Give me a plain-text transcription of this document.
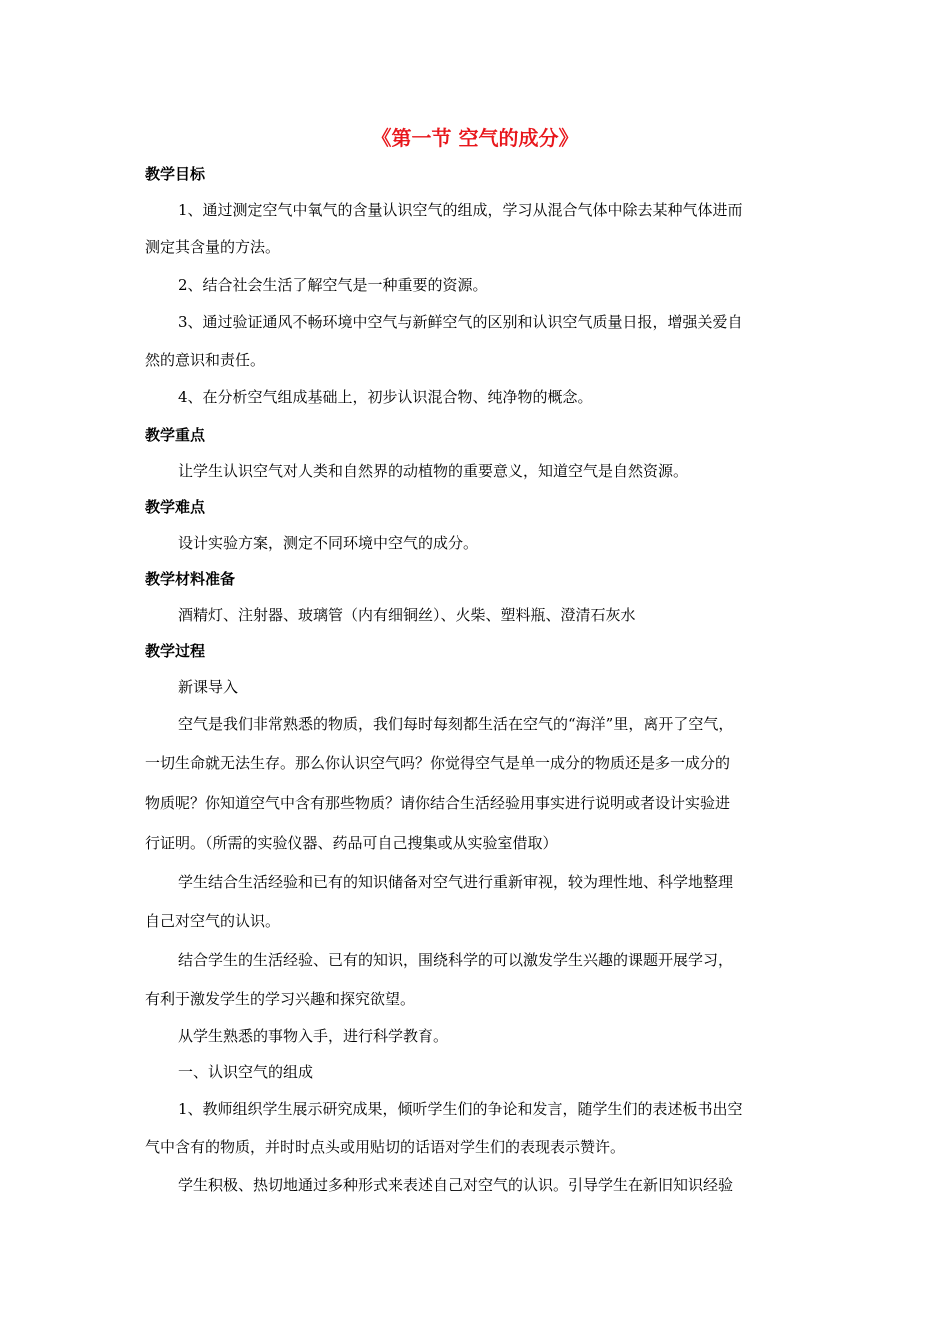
《第一节 空气的成分》
教学目标
1、通过测定空气中氧气的含量认识空气的组成，学习从混合气体中除去某种气体进而
测定其含量的方法。
2、结合社会生活了解空气是一种重要的资源。
3、通过验证通风不畅环境中空气与新鲜空气的区别和认识空气质量日报，增强关爱自
然的意识和责任。
4、在分析空气组成基础上，初步认识混合物、纯净物的概念。
教学重点
让学生认识空气对人类和自然界的动植物的重要意义，知道空气是自然资源。
教学难点
设计实验方案，测定不同环境中空气的成分。
教学材料准备
酒精灯、注射器、玻璃管（内有细铜丝）、火柴、塑料瓶、澄清石灰水
教学过程
新课导入
空气是我们非常熟悉的物质，我们每时每刻都生活在空气的“海洋”里，离开了空气，
一切生命就无法生存。那么你认识空气吗？你觉得空气是单一成分的物质还是多一成分的
物质呢？你知道空气中含有那些物质？请你结合生活经验用事实进行说明或者设计实验进
行证明。（所需的实验仪器、药品可自己搜集或从实验室借取）
学生结合生活经验和已有的知识储备对空气进行重新审视，较为理性地、科学地整理
自己对空气的认识。
结合学生的生活经验、已有的知识，围绕科学的可以激发学生兴趣的课题开展学习，
有利于激发学生的学习兴趣和探究欲望。
从学生熟悉的事物入手，进行科学教育。
一、认识空气的组成
1、教师组织学生展示研究成果，倾听学生们的争论和发言，随学生们的表述板书出空
气中含有的物质，并时时点头或用贴切的话语对学生们的表现表示赞许。
学生积极、热切地通过多种形式来表述自己对空气的认识。引导学生在新旧知识经验
